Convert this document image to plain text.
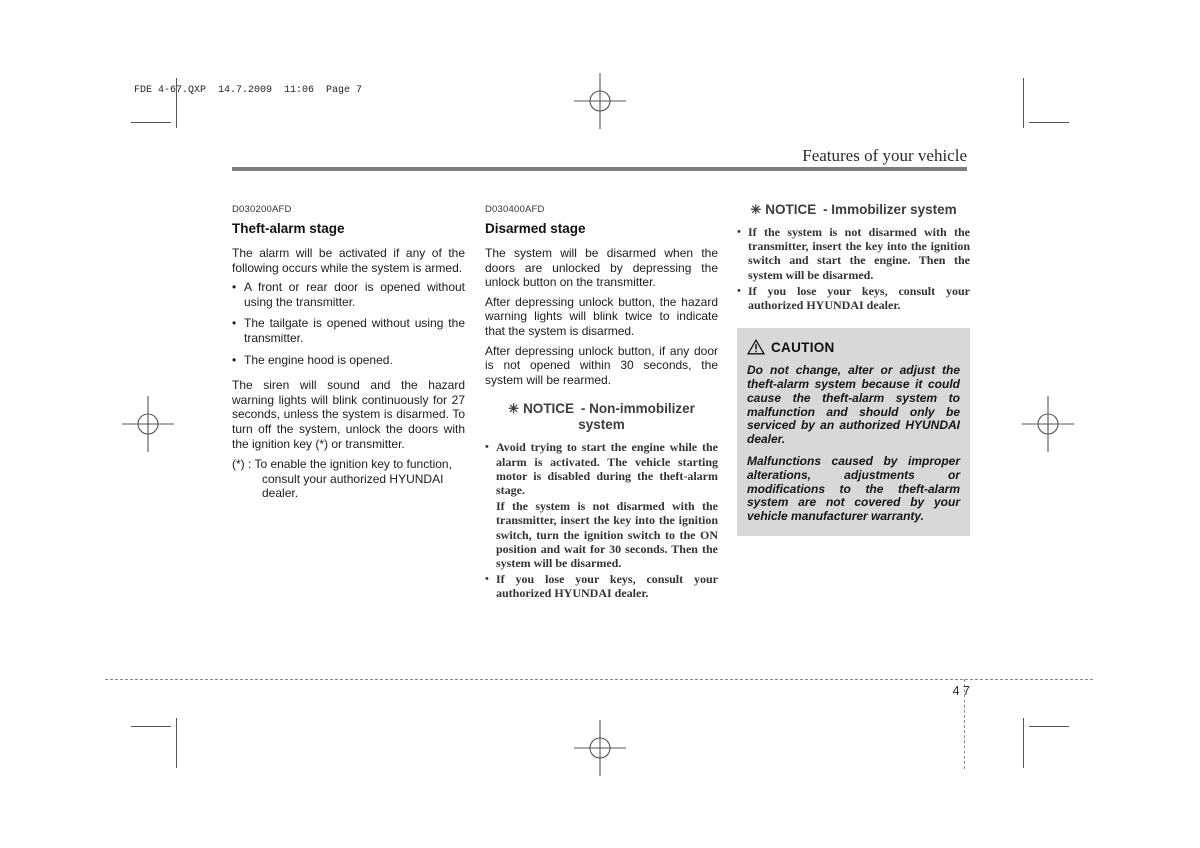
FDE 4-67.QXP  14.7.2009  11:06  Page 7
Features of your vehicle
D030200AFD
Theft-alarm stage

The alarm will be activated if any of the following occurs while the system is armed.

• A front or rear door is opened without using the transmitter.
• The tailgate is opened without using the transmitter.
• The engine hood is opened.

The siren will sound and the hazard warning lights will blink continuously for 27 seconds, unless the system is disarmed. To turn off the system, unlock the doors with the ignition key (*) or transmitter.

(*) : To enable the ignition key to function, consult your authorized HYUNDAI dealer.
D030400AFD
Disarmed stage

The system will be disarmed when the doors are unlocked by depressing the unlock button on the transmitter.

After depressing unlock button, the hazard warning lights will blink twice to indicate that the system is disarmed.

After depressing unlock button, if any door is not opened within 30 seconds, the system will be rearmed.

✳ NOTICE - Non-immobilizer system
• Avoid trying to start the engine while the alarm is activated. The vehicle starting motor is disabled during the theft-alarm stage.
If the system is not disarmed with the transmitter, insert the key into the ignition switch, turn the ignition switch to the ON position and wait for 30 seconds. Then the system will be disarmed.
• If you lose your keys, consult your authorized HYUNDAI dealer.
✳ NOTICE - Immobilizer system
• If the system is not disarmed with the transmitter, insert the key into the ignition switch and start the engine. Then the system will be disarmed.
• If you lose your keys, consult your authorized HYUNDAI dealer.
CAUTION

Do not change, alter or adjust the theft-alarm system because it could cause the theft-alarm system to malfunction and should only be serviced by an authorized HYUNDAI dealer.

Malfunctions caused by improper alterations, adjustments or modifications to the theft-alarm system are not covered by your vehicle manufacturer warranty.

4 7
